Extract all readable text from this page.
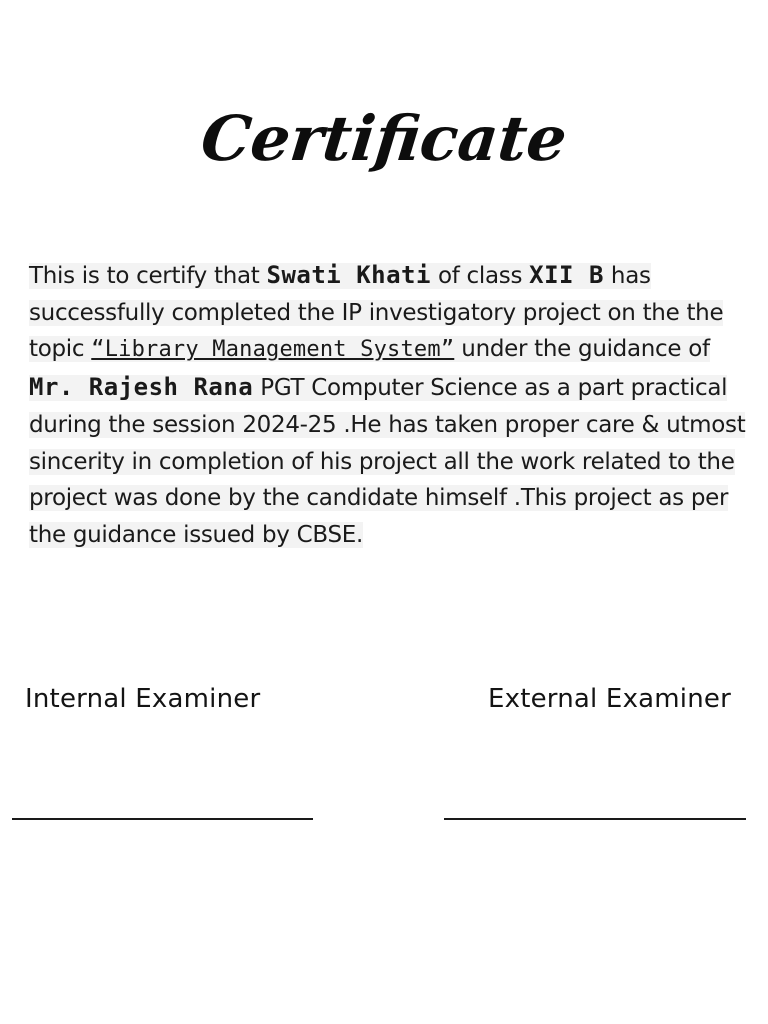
Certificate
This is to certify that Swati Khati of class XII B has successfully completed the IP investigatory project on the the topic “Library Management System” under the guidance of Mr. Rajesh Rana PGT Computer Science as a part practical during the session 2024-25 .He has taken proper care & utmost sincerity in completion of his project all the work related to the project was done by the candidate himself .This project as per the guidance issued by CBSE.
Internal Examiner	External Examiner
